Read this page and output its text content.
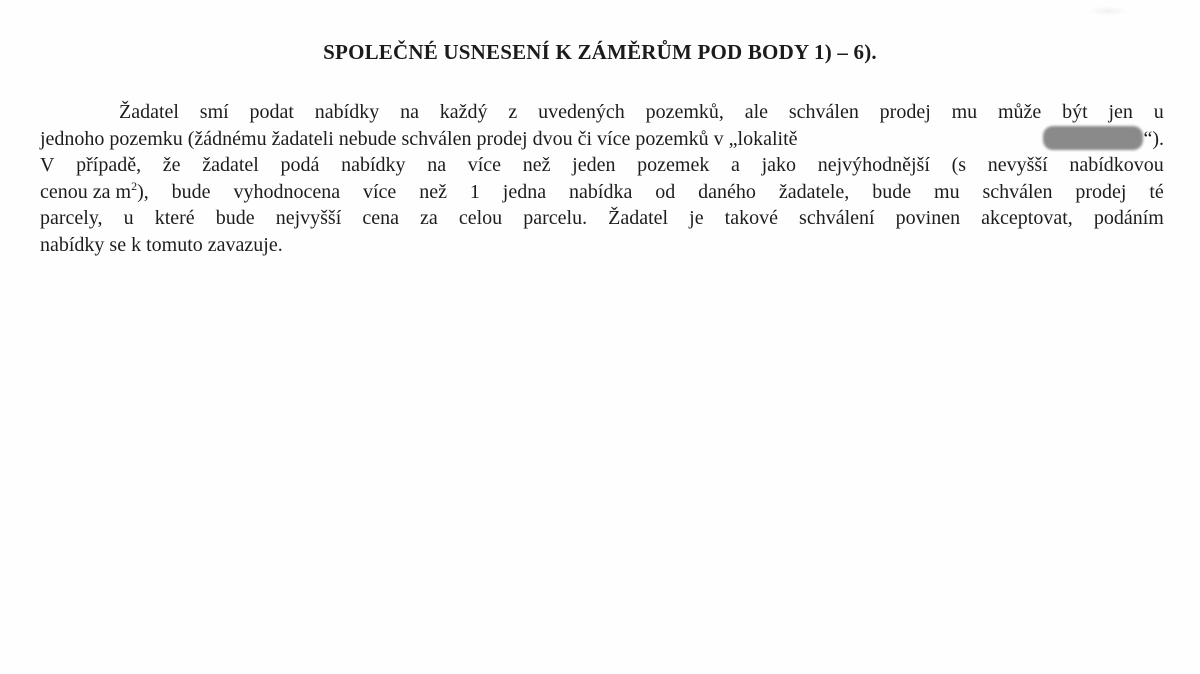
SPOLEČNÉ USNESENÍ K ZÁMĚRŮM POD BODY 1) – 6).
Žadatel smí podat nabídky na každý z uvedených pozemků, ale schválen prodej mu může být jen u
jednoho pozemku (žádnému žadateli nebude schválen prodej dvou či více pozemků v „lokalitě	“).
V případě, že žadatel podá nabídky na více než jeden pozemek a jako nejvýhodnější (s nevyšší nabídkovou
cenou za $m^2$), bude vyhodnocena více než 1 jedna nabídka od daného žadatele, bude mu schválen prodej té
parcely, u které bude nejvyšší cena za celou parcelu. Žadatel je takové schválení povinen akceptovat, podáním
nabídky se k tomuto zavazuje.
